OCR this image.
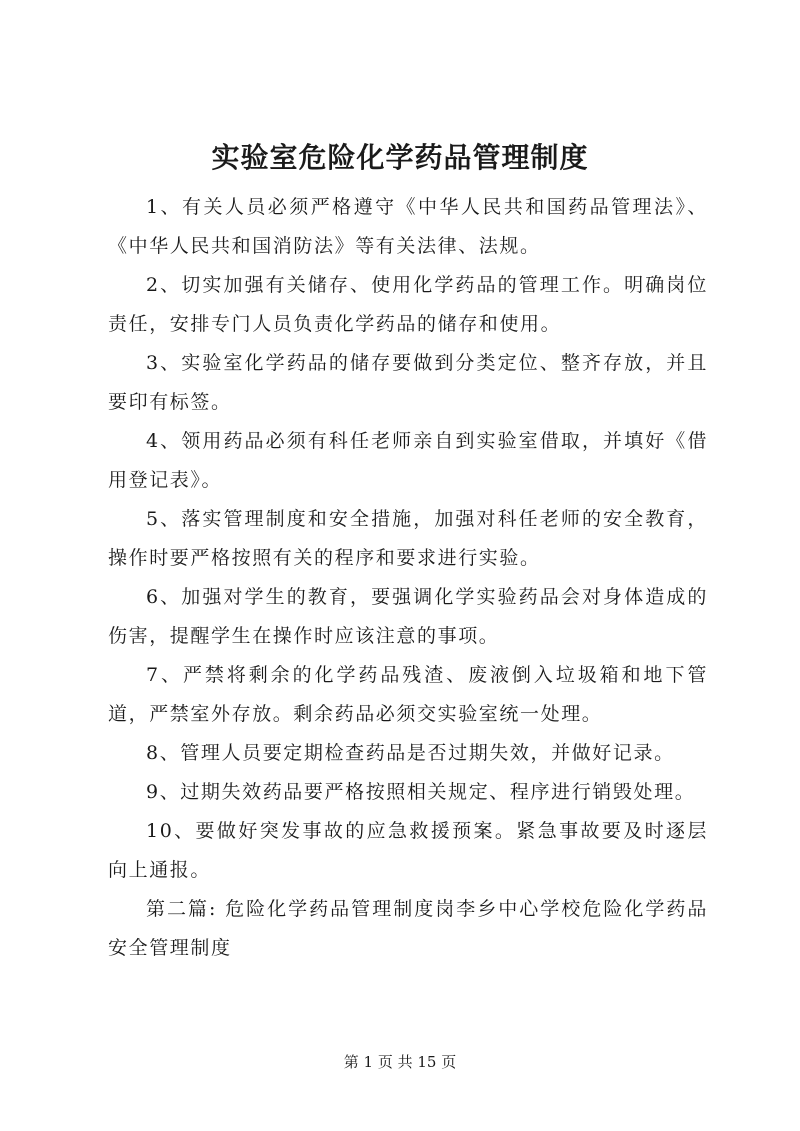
实验室危险化学药品管理制度

1、有关人员必须严格遵守《中华人民共和国药品管理法》、《中华人民共和国消防法》等有关法律、法规。

2、切实加强有关储存、使用化学药品的管理工作。明确岗位责任，安排专门人员负责化学药品的储存和使用。

3、实验室化学药品的储存要做到分类定位、整齐存放，并且要印有标签。

4、领用药品必须有科任老师亲自到实验室借取，并填好《借用登记表》。

5、落实管理制度和安全措施，加强对科任老师的安全教育，操作时要严格按照有关的程序和要求进行实验。

6、加强对学生的教育，要强调化学实验药品会对身体造成的伤害，提醒学生在操作时应该注意的事项。

7、严禁将剩余的化学药品残渣、废液倒入垃圾箱和地下管道，严禁室外存放。剩余药品必须交实验室统一处理。

8、管理人员要定期检查药品是否过期失效，并做好记录。

9、过期失效药品要严格按照相关规定、程序进行销毁处理。

10、要做好突发事故的应急救援预案。紧急事故要及时逐层向上通报。

第二篇: 危险化学药品管理制度岗李乡中心学校危险化学药品安全管理制度

第 1 页 共 15 页
